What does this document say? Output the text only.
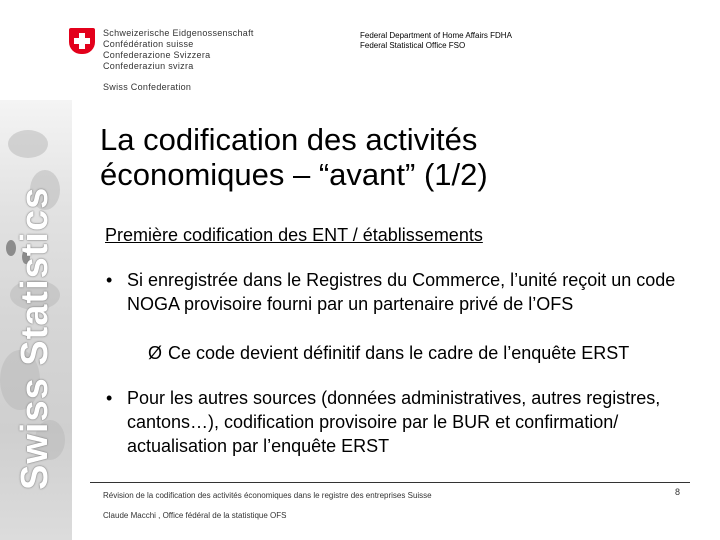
Swiss Statistics
Schweizerische Eidgenossenschaft
Confédération suisse
Confederazione Svizzera
Confederaziun svizra
Swiss Confederation
Federal Department of Home Affairs FDHA
Federal Statistical Office FSO
La codification des activités
économiques – “avant” (1/2)
Première codification des ENT / établissements
• Si enregistrée dans le Registres du Commerce, l’unité reçoit un code NOGA provisoire fourni par un partenaire privé de l’OFS
Ø Ce code devient définitif dans le cadre de l’enquête ERST
• Pour les autres sources (données administratives, autres registres, cantons…), codification provisoire par le BUR et confirmation/ actualisation par l’enquête ERST
Révision de la codification des activités économiques dans le registre des entreprises Suisse	8
Claude Macchi , Office fédéral de la statistique OFS
